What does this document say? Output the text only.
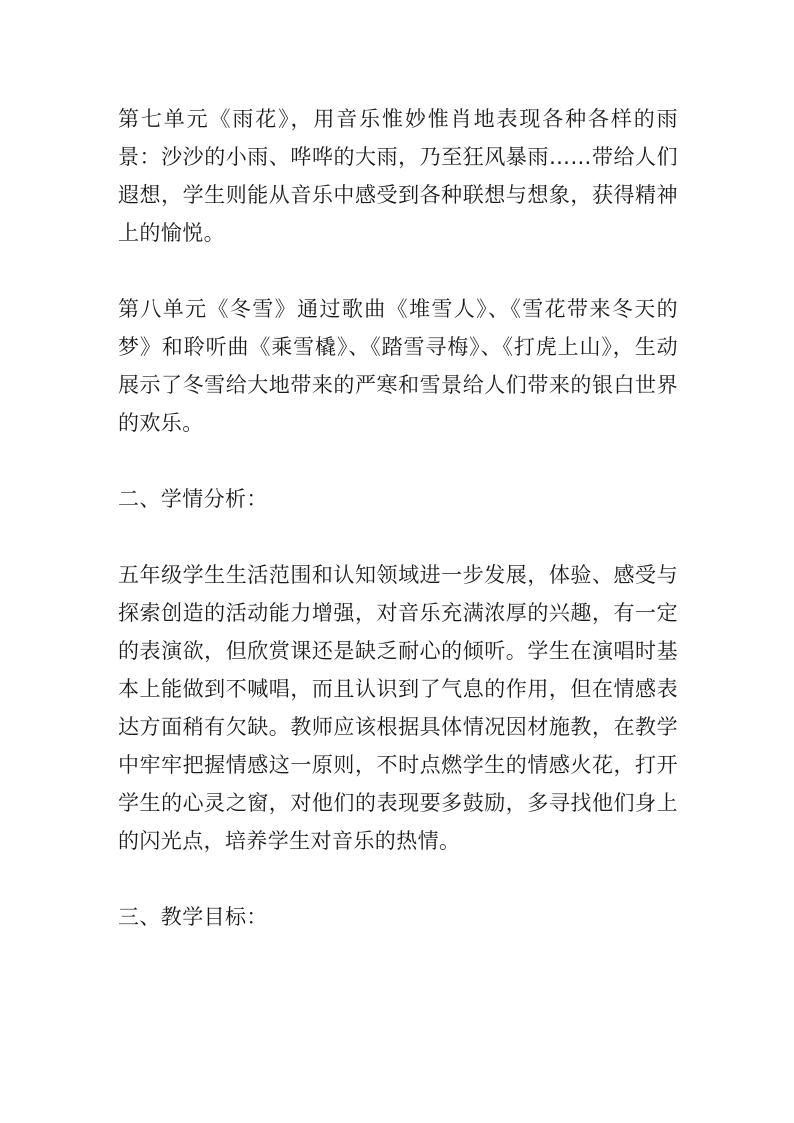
第七单元《雨花》，用音乐惟妙惟肖地表现各种各样的雨景：沙沙的小雨、哗哗的大雨，乃至狂风暴雨……带给人们遐想，学生则能从音乐中感受到各种联想与想象，获得精神上的愉悦。

第八单元《冬雪》通过歌曲《堆雪人》、《雪花带来冬天的梦》和聆听曲《乘雪橇》、《踏雪寻梅》、《打虎上山》，生动展示了冬雪给大地带来的严寒和雪景给人们带来的银白世界的欢乐。

二、学情分析：

五年级学生生活范围和认知领域进一步发展，体验、感受与探索创造的活动能力增强，对音乐充满浓厚的兴趣，有一定的表演欲，但欣赏课还是缺乏耐心的倾听。学生在演唱时基本上能做到不喊唱，而且认识到了气息的作用，但在情感表达方面稍有欠缺。教师应该根据具体情况因材施教，在教学中牢牢把握情感这一原则，不时点燃学生的情感火花，打开学生的心灵之窗，对他们的表现要多鼓励，多寻找他们身上的闪光点，培养学生对音乐的热情。

三、教学目标：
